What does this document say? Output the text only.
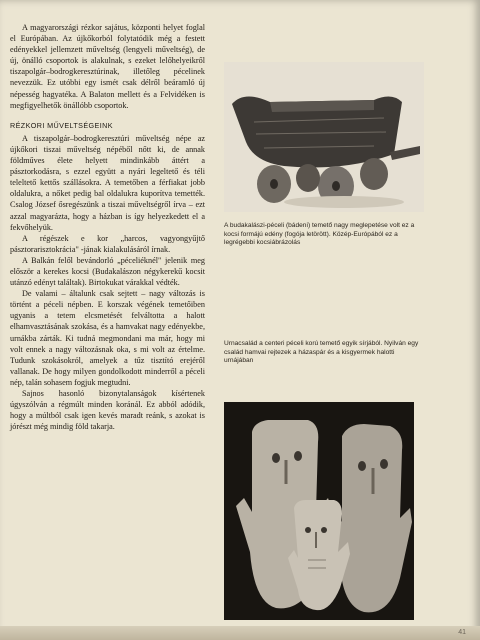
A magyarországi rézkor sajátus, központi helyet foglal el Európában. Az újkőkorból folytatódik még a festett edényekkel jellemzett műveltség (lengyeli műveltség), de új, önálló csoportok is alakulnak, s ezeket lelőhelyeikről tiszapolgár–bodrogkeresztúrinak, illetőleg pécelinek nevezzük. Ez utóbbi egy ismét csak délről beáramló új népesség hagyatéka. A Balaton mellett és a Felvidéken is megfigyelhetők önállóbb csoportok.

RÉZKORI MŰVELTSÉGEINK

A tiszapolgár–bodrogkeresztúri műveltség népe az újkőkori tiszai műveltség népéből nőtt ki, de annak földműves élete helyett mindinkább áttért a pásztorkodásra, s ezzel együtt a nyári legeltető és téli teleltető kettős szállásokra. A temetőben a férfiakat jobb oldalukra, a nőket pedig bal oldalukra kuporítva temették. Csalog József ősregészünk a tiszai műveltségről írva – ezt azzal magyarázta, hogy a házban is így helyezkedett el a fekvőhelyük.

A régészek e kor „harcos, vagyongyűjtő pásztorarisztokrácia" -jának kialakulásáról írnak.

A Balkán felől bevándorló „péceliéknél" jelenik meg először a kerekes kocsi (Budakalászon négykerekű kocsit utánzó edényt találtak). Birtokukat várakkal védték.

De valami – általunk csak sejtett – nagy változás is történt a péceli népben. E korszak végének temetőiben ugyanis a tetem elcsmetését felváltotta a halott elhamvasztásának szokása, és a hamvakat nagy edényekbe, urnákba zárták. Ki tudná megmondani ma már, hogy mi volt ennek a nagy változásnak oka, s mi volt az értelme. Tudunk szokásokról, amelyek a tűz tisztító erejéről vallanak. De hogy milyen gondolkodott minderről a péceli nép, talán sohasem fogjuk megtudni.

Sajnos hasonló bizonytalanságok kísértenek úgyszólván a régmúlt minden koránál. Ez abból adódik, hogy a múltból csak igen kevés maradt reánk, s azokat is jórészt még mindig föld takarja.

A budakalászi-péceli (bádeni) temető nagy meglepetése volt ez a kocsi formájú edény (fogója letörött). Közép-Európából ez a legrégebbi kocsiábrázolás
Urnacsalád a centeri péceli korú temető egyik sírjából. Nyilván egy család hamvai rejtezek a házaspár és a kisgyermek halotti urnájában
41
